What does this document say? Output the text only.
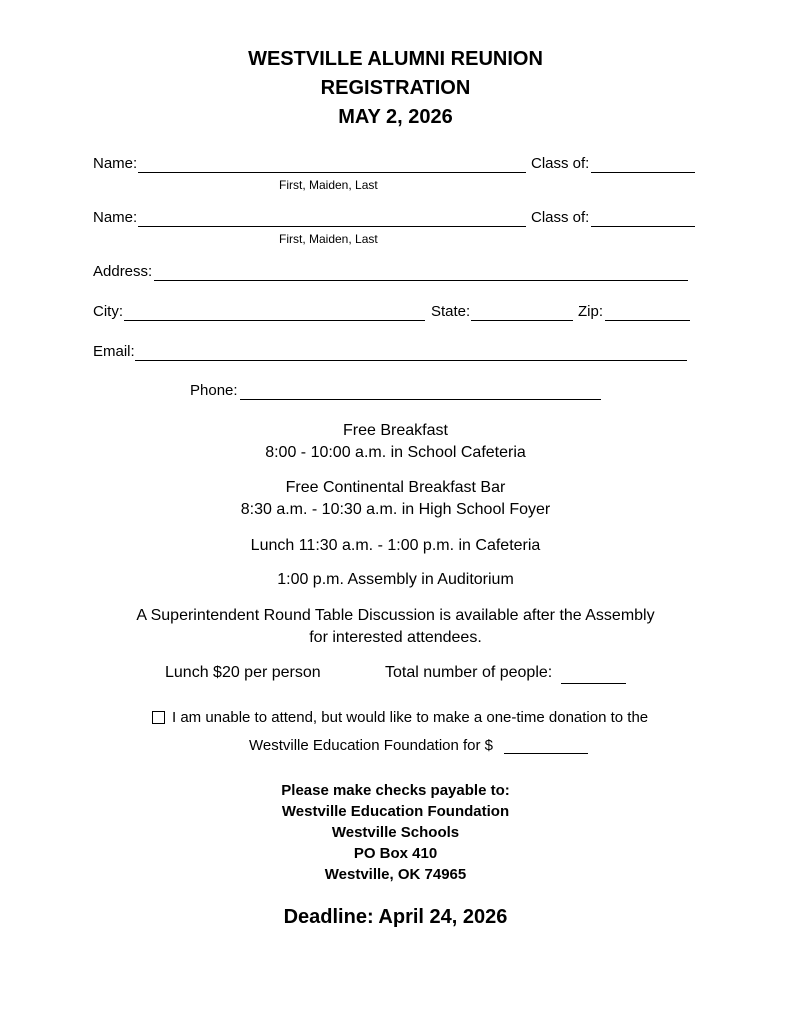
WESTVILLE ALUMNI REUNION
REGISTRATION
MAY 2, 2026
Name:	Class of:
First, Maiden, Last
Name:	Class of:
First, Maiden, Last
Address:
City:	State:	Zip:
Email:
Phone:
Free Breakfast
8:00 - 10:00 a.m. in School Cafeteria
Free Continental Breakfast Bar
8:30 a.m. - 10:30 a.m. in High School Foyer
Lunch 11:30 a.m. - 1:00 p.m. in Cafeteria
1:00 p.m. Assembly in Auditorium
A Superintendent Round Table Discussion is available after the Assembly
for interested attendees.
Lunch $20 per person	Total number of people:
I am unable to attend, but would like to make a one-time donation to the
Westville Education Foundation for $
Please make checks payable to:
Westville Education Foundation
Westville Schools
PO Box 410
Westville, OK 74965
Deadline: April 24, 2026
